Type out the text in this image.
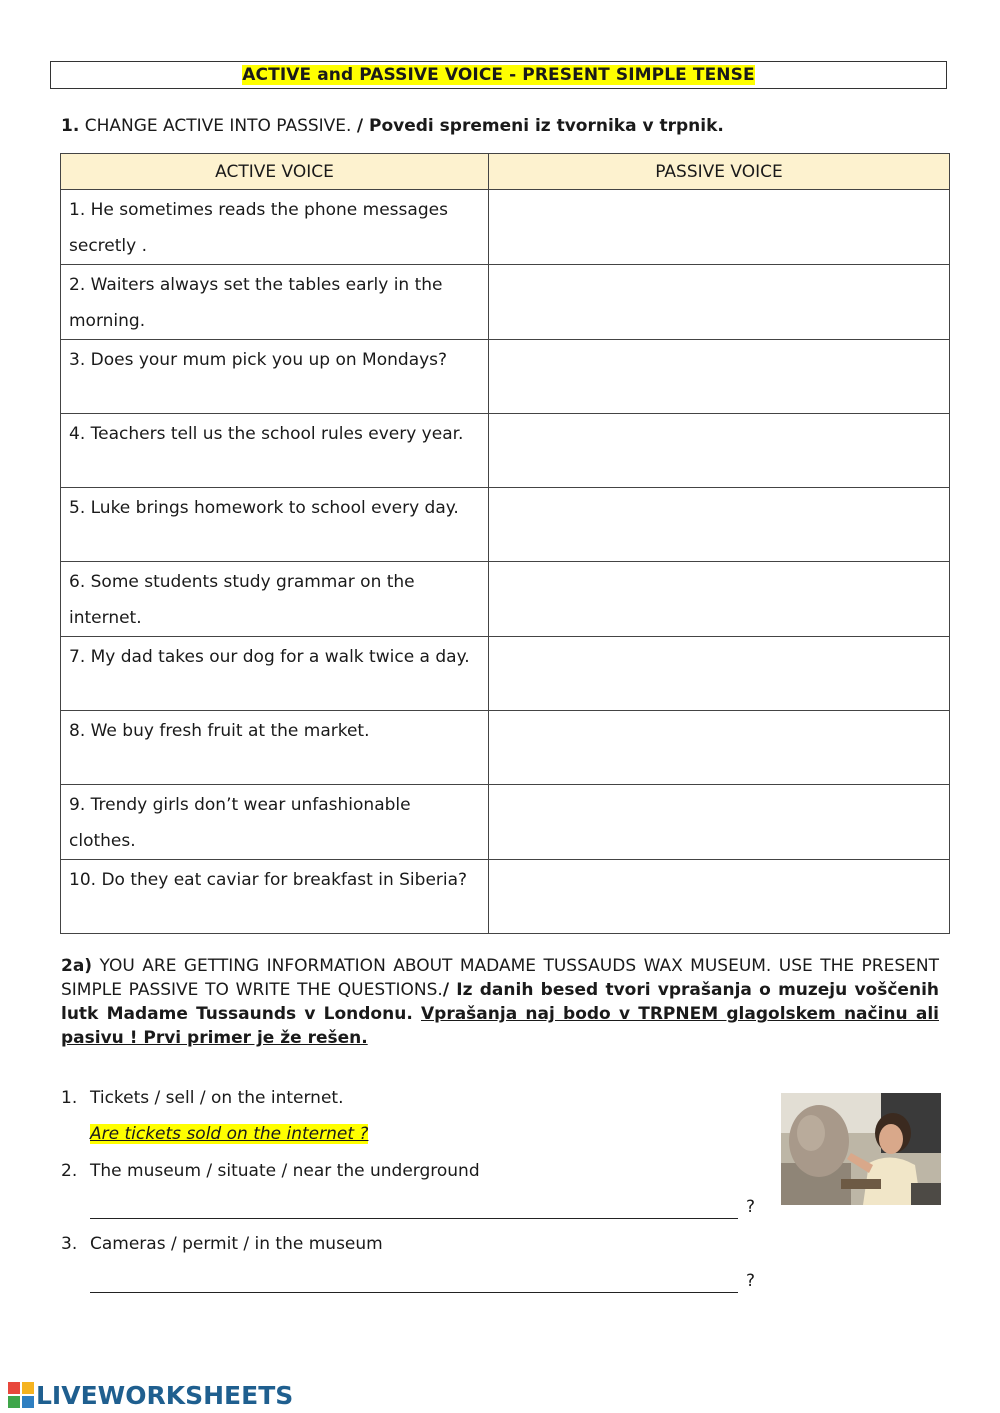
ACTIVE and PASSIVE VOICE - PRESENT SIMPLE TENSE
1. CHANGE ACTIVE INTO PASSIVE. / Povedi spremeni iz tvornika v trpnik.
ACTIVE VOICE	PASSIVE VOICE
1. He sometimes reads the phone messages secretly .	
2. Waiters always set the tables early in the morning.	
3. Does your mum pick you up on Mondays?	
4. Teachers tell us the school rules every year.	
5. Luke brings homework to school every day.	
6. Some students study grammar on the internet.	
7. My dad takes our dog for a walk twice a day.	
8. We buy fresh fruit at the market.	
9. Trendy girls don’t wear unfashionable clothes.	
10. Do they eat caviar for breakfast in Siberia?	
2a) YOU ARE GETTING INFORMATION ABOUT MADAME TUSSAUDS WAX MUSEUM. USE THE PRESENT SIMPLE PASSIVE TO WRITE THE QUESTIONS./ Iz danih besed tvori vprašanja o muzeju voščenih lutk Madame Tussaunds v Londonu. Vprašanja naj bodo v TRPNEM glagolskem načinu ali pasivu ! Prvi primer je že rešen.
1. Tickets / sell / on the internet.
Are tickets sold on the internet ?
2. The museum / situate / near the underground
?
3. Cameras / permit / in the museum
?
LIVEWORKSHEETS
